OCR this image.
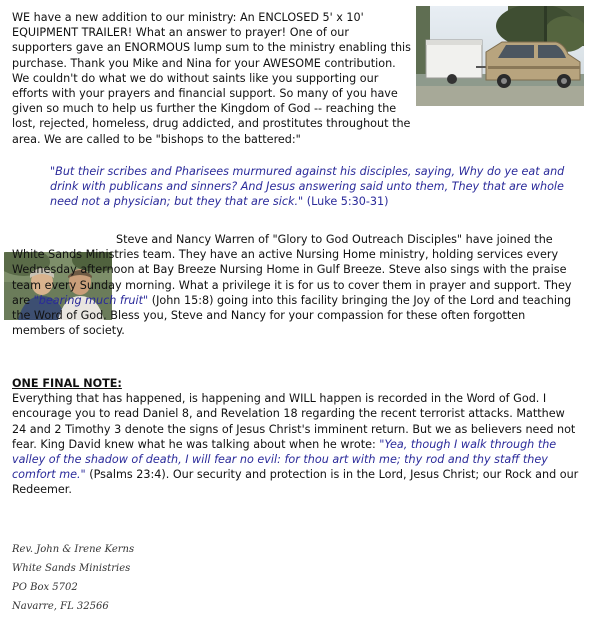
WE have a new addition to our ministry: An ENCLOSED 5' x 10' EQUIPMENT TRAILER! What an answer to prayer! One of our supporters gave an ENORMOUS lump sum to the ministry enabling this purchase. Thank you Mike and Nina for your AWESOME contribution. We couldn't do what we do without saints like you supporting our efforts with your prayers and financial support. So many of you have given so much to help us further the Kingdom of God -- reaching the lost, rejected, homeless, drug addicted, and prostitutes throughout the area. We are called to be "bishops to the battered:"

"But their scribes and Pharisees murmured against his disciples, saying, Why do ye eat and drink with publicans and sinners? And Jesus answering said unto them, They that are whole need not a physician; but they that are sick." (Luke 5:30-31)

Steve and Nancy Warren of "Glory to God Outreach Disciples" have joined the White Sands Ministries team. They have an active Nursing Home ministry, holding services every Wednesday afternoon at Bay Breeze Nursing Home in Gulf Breeze. Steve also sings with the praise team every Sunday morning. What a privilege it is for us to cover them in prayer and support. They are "bearing much fruit" (John 15:8) going into this facility bringing the Joy of the Lord and teaching the Word of God. Bless you, Steve and Nancy for your compassion for these often forgotten members of society.

ONE FINAL NOTE:
Everything that has happened, is happening and WILL happen is recorded in the Word of God. I encourage you to read Daniel 8, and Revelation 18 regarding the recent terrorist attacks. Matthew 24 and 2 Timothy 3 denote the signs of Jesus Christ's imminent return. But we as believers need not fear. King David knew what he was talking about when he wrote: "Yea, though I walk through the valley of the shadow of death, I will fear no evil: for thou art with me; thy rod and thy staff they comfort me." (Psalms 23:4). Our security and protection is in the Lord, Jesus Christ; our Rock and our Redeemer.

Rev. John & Irene Kerns
White Sands Ministries
PO Box 5702
Navarre, FL 32566
